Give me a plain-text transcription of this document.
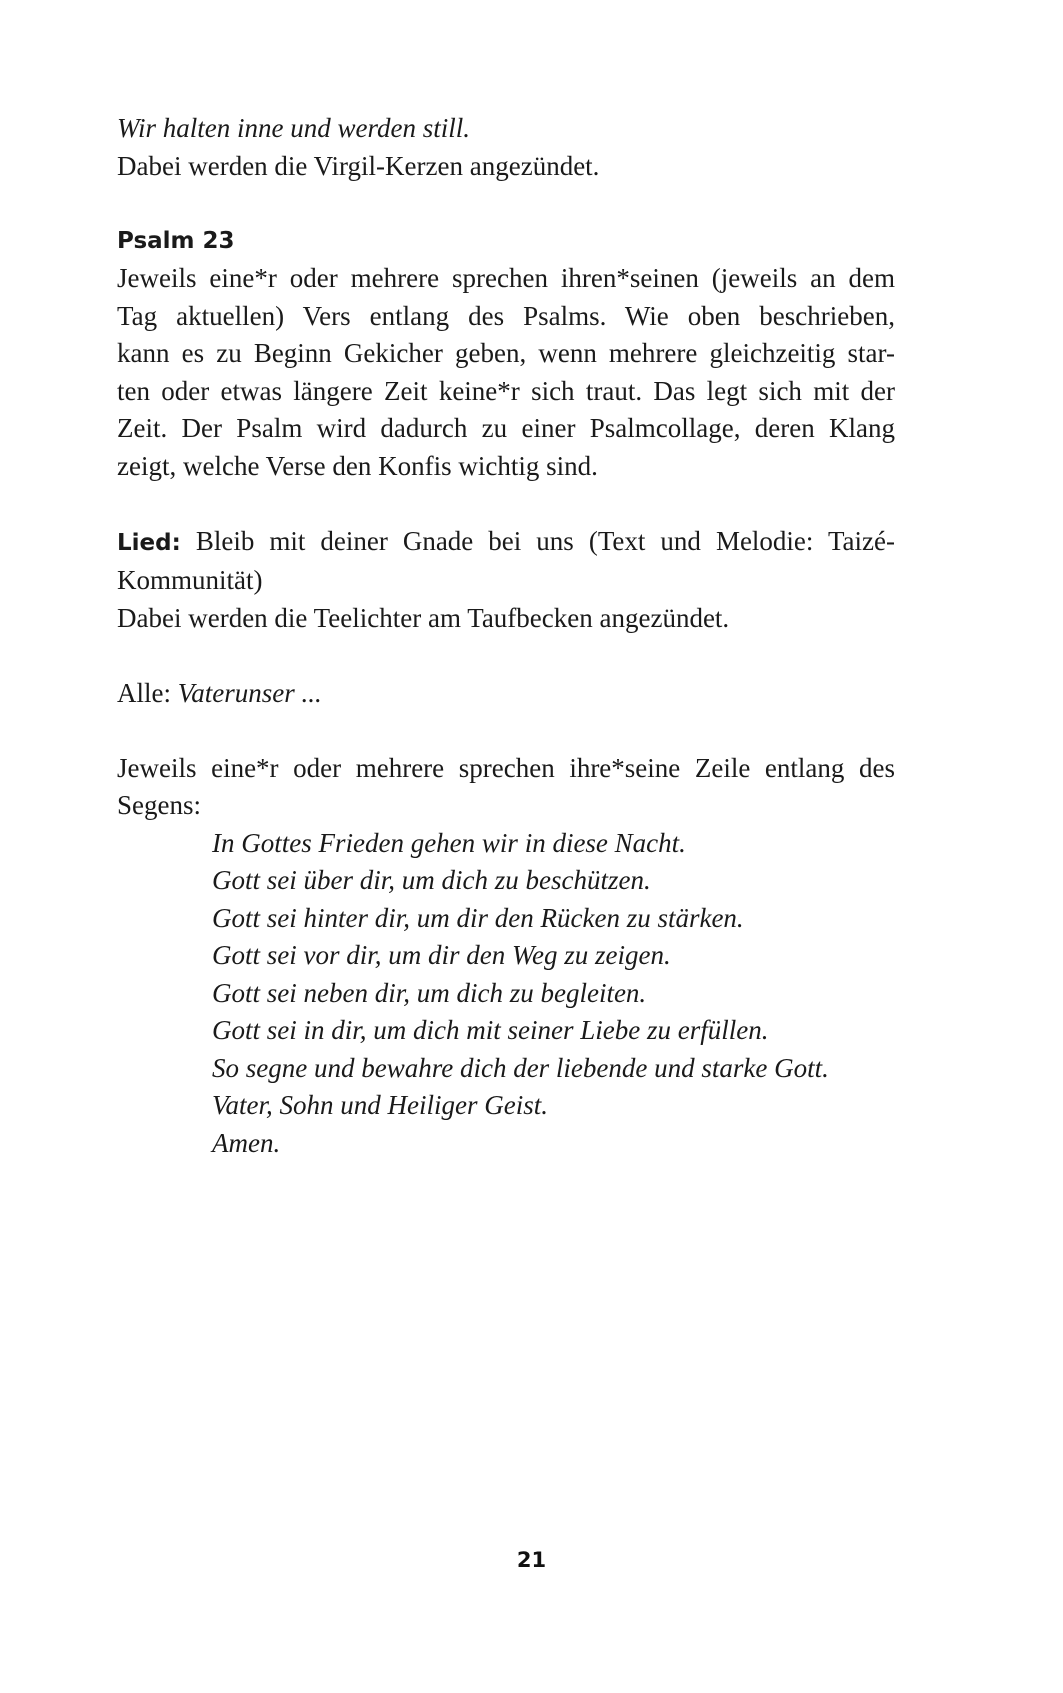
Wir halten inne und werden still.
Dabei werden die Virgil-Kerzen angezündet.
Psalm 23
Jeweils eine*r oder mehrere sprechen ihren*seinen (jeweils an dem
Tag aktuellen) Vers entlang des Psalms. Wie oben beschrieben,
kann es zu Beginn Gekicher geben, wenn mehrere gleichzeitig star-
ten oder etwas längere Zeit keine*r sich traut. Das legt sich mit der
Zeit. Der Psalm wird dadurch zu einer Psalmcollage, deren Klang
zeigt, welche Verse den Konfis wichtig sind.
Lied: Bleib mit deiner Gnade bei uns (Text und Melodie: Taizé-
Kommunität)
Dabei werden die Teelichter am Taufbecken angezündet.
Alle: Vaterunser ...
Jeweils eine*r oder mehrere sprechen ihre*seine Zeile entlang des
Segens:
In Gottes Frieden gehen wir in diese Nacht.
Gott sei über dir, um dich zu beschützen.
Gott sei hinter dir, um dir den Rücken zu stärken.
Gott sei vor dir, um dir den Weg zu zeigen.
Gott sei neben dir, um dich zu begleiten.
Gott sei in dir, um dich mit seiner Liebe zu erfüllen.
So segne und bewahre dich der liebende und starke Gott.
Vater, Sohn und Heiliger Geist.
Amen.
21
